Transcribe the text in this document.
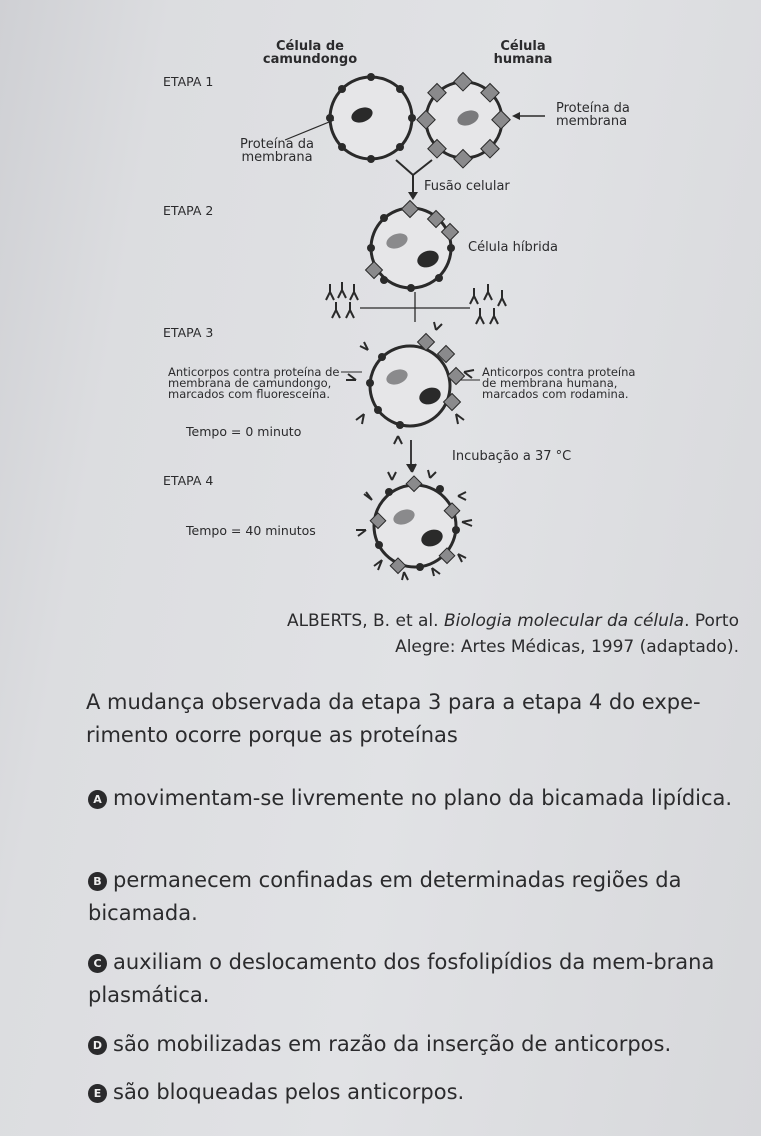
Célula de
camundongo
Célula
humana
ETAPA 1
ETAPA 2
ETAPA 3
ETAPA 4
Proteína da
membrana
Proteína da
membrana
Fusão celular
Célula híbrida
Anticorpos contra proteína de
membrana de camundongo,
marcados com fluoresceína.
Anticorpos contra proteína
de membrana humana,
marcados com rodamina.
Tempo = 0 minuto
Incubação a 37 °C
Tempo = 40 minutos
ALBERTS, B. et al. Biologia molecular da célula. Porto
Alegre: Artes Médicas, 1997 (adaptado).
A mudança observada da etapa 3 para a etapa 4 do expe-rimento ocorre porque as proteínas
A movimentam-se livremente no plano da bicamada lipídica.
B permanecem confinadas em determinadas regiões da bicamada.
C auxiliam o deslocamento dos fosfolipídios da mem-brana plasmática.
D são mobilizadas em razão da inserção de anticorpos.
E são bloqueadas pelos anticorpos.
